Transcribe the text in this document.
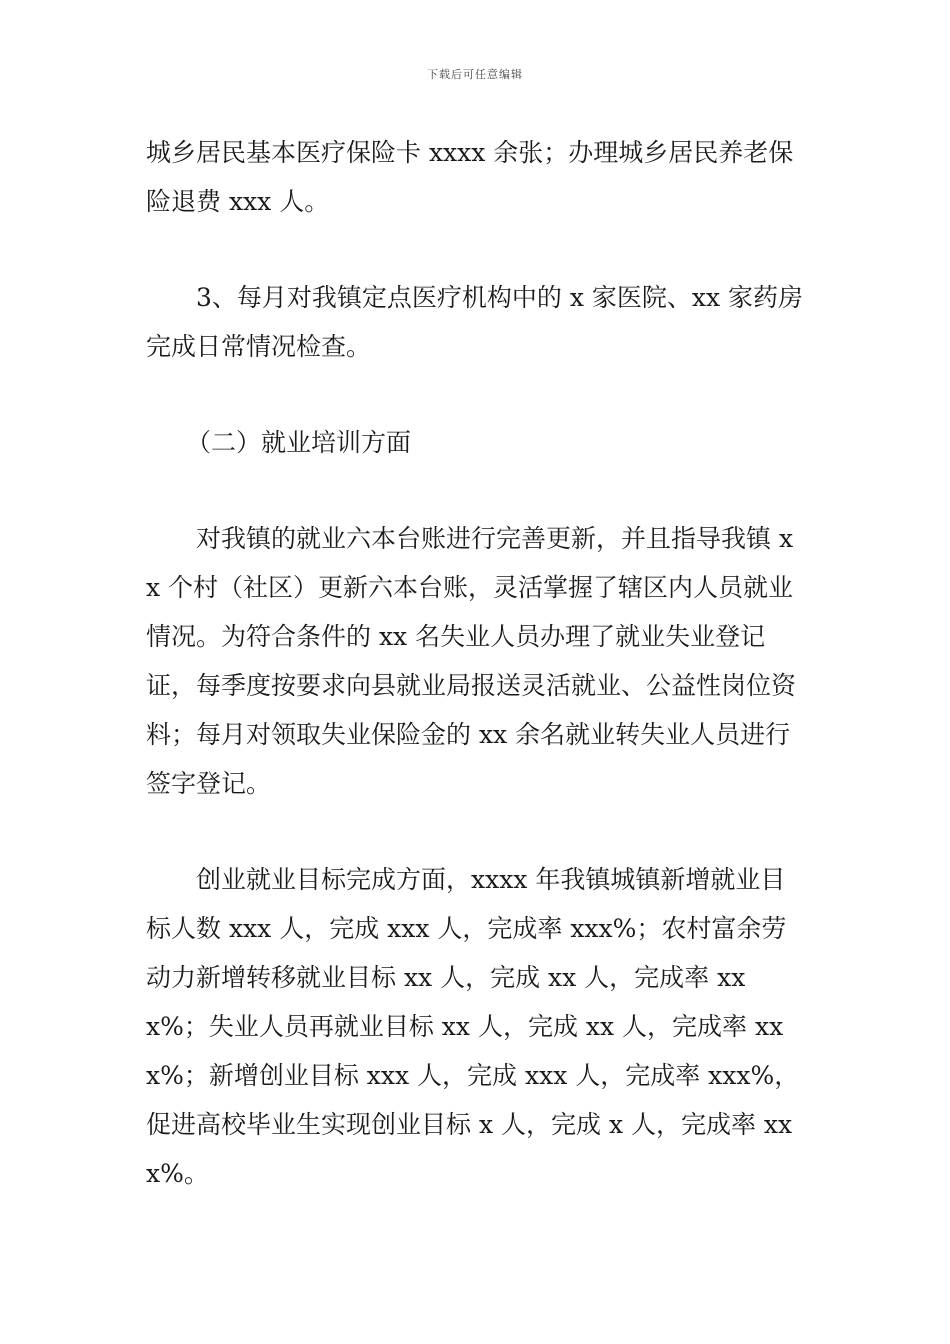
下载后可任意编辑

城乡居民基本医疗保险卡 xxxx 余张；办理城乡居民养老保险退费 xxx 人。

3、每月对我镇定点医疗机构中的 x 家医院、xx 家药房完成日常情况检查。

（二）就业培训方面

对我镇的就业六本台账进行完善更新，并且指导我镇 xx 个村（社区）更新六本台账，灵活掌握了辖区内人员就业情况。为符合条件的 xx 名失业人员办理了就业失业登记证，每季度按要求向县就业局报送灵活就业、公益性岗位资料；每月对领取失业保险金的 xx 余名就业转失业人员进行签字登记。

创业就业目标完成方面，xxxx 年我镇城镇新增就业目标人数 xxx 人，完成 xxx 人，完成率 xxx%；农村富余劳动力新增转移就业目标 xx 人，完成 xx 人，完成率 xxx%；失业人员再就业目标 xx 人，完成 xx 人，完成率 xxx%；新增创业目标 xxx 人，完成 xxx 人，完成率 xxx%，促进高校毕业生实现创业目标 x 人，完成 x 人，完成率 xxx%。
